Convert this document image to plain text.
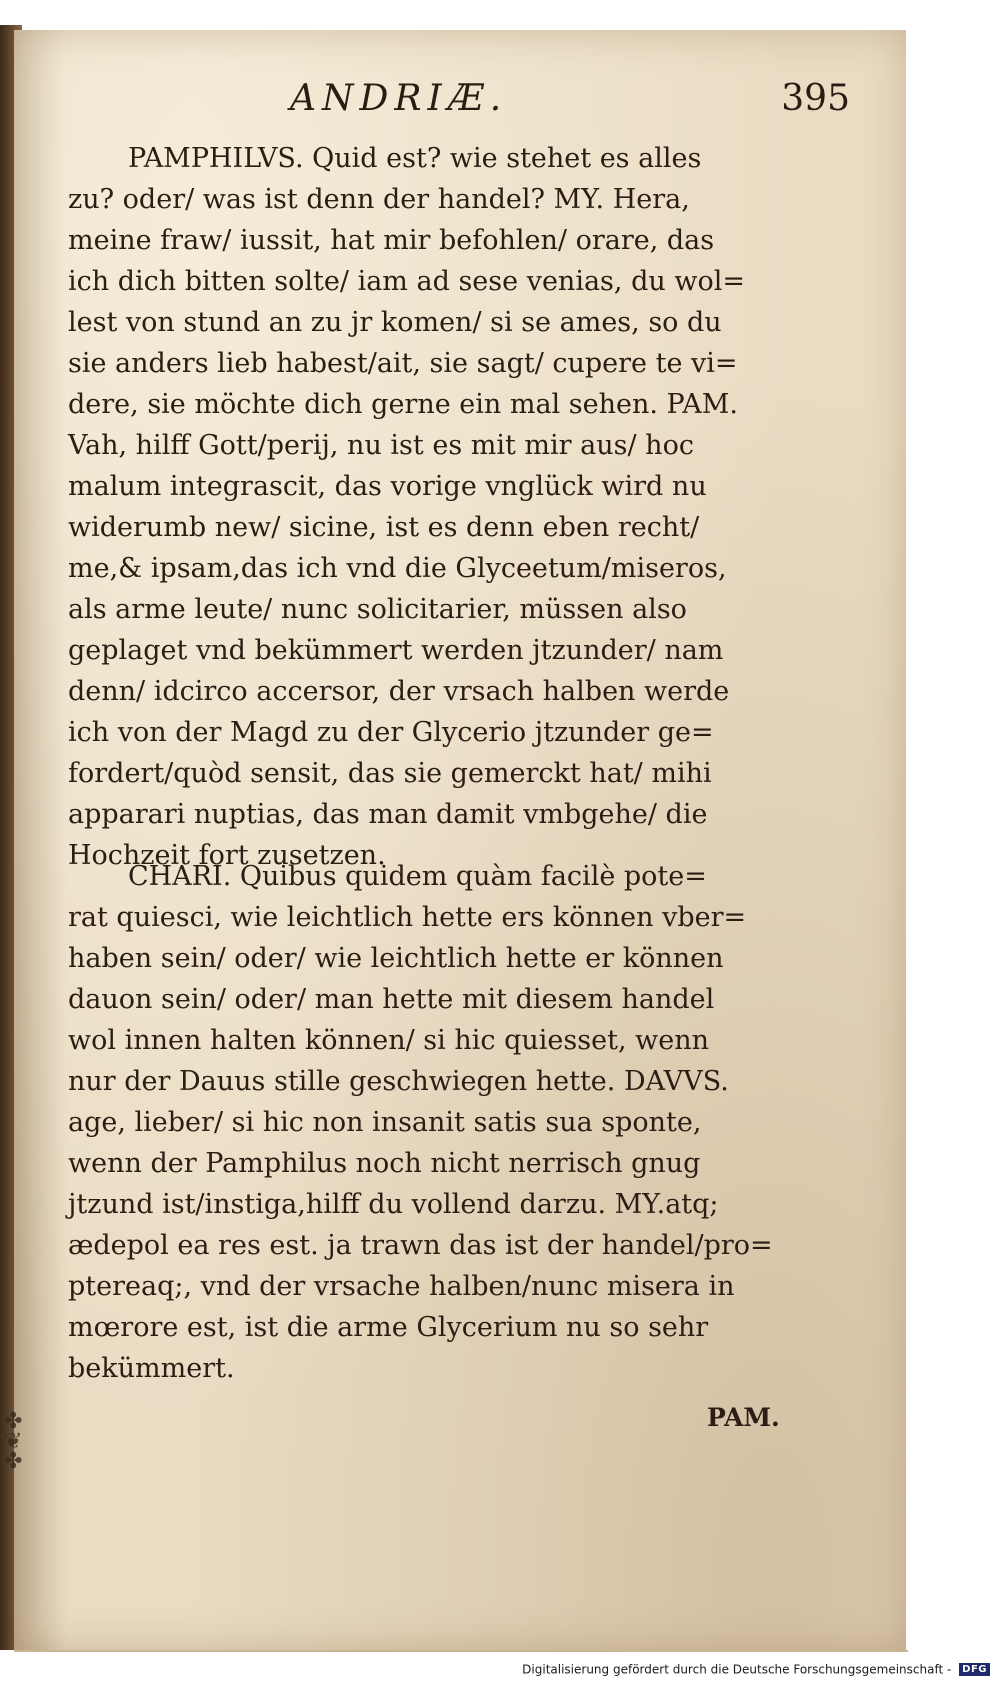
ANDRIÆ.	395
PAMPHILVS. Quid est? wie stehet es alles
zu? oder/ was ist denn der handel? MY. Hera,
meine fraw/ iussit, hat mir befohlen/ orare, das
ich dich bitten solte/ iam ad sese venias, du wol=
lest von stund an zu jr komen/ si se ames, so du
sie anders lieb habest/ait, sie sagt/ cupere te vi=
dere, sie möchte dich gerne ein mal sehen. PAM.
Vah, hilff Gott/perij, nu ist es mit mir aus/ hoc
malum integrascit, das vorige vnglück wird nu
widerumb new/ sicine, ist es denn eben recht/
me,& ipsam,das ich vnd die Glyceetum/miseros,
als arme leute/ nunc solicitarier, müssen also
geplaget vnd bekümmert werden jtzunder/ nam
denn/ idcirco accersor, der vrsach halben werde
ich von der Magd zu der Glycerio jtzunder ge=
fordert/quòd sensit, das sie gemerckt hat/ mihi
apparari nuptias, das man damit vmbgehe/ die
Hochzeit fort zusetzen.
CHARI. Quibus quidem quàm facilè pote=
rat quiesci, wie leichtlich hette ers können vber=
haben sein/ oder/ wie leichtlich hette er können
dauon sein/ oder/ man hette mit diesem handel
wol innen halten können/ si hic quiesset, wenn
nur der Dauus stille geschwiegen hette. DAVVS.
age, lieber/ si hic non insanit satis sua sponte,
wenn der Pamphilus noch nicht nerrisch gnug
jtzund ist/instiga,hilff du vollend darzu. MY.atq;
ædepol ea res est. ja trawn das ist der handel/pro=
ptereaq;, vnd der vrsache halben/nunc misera in
mœrore est, ist die arme Glycerium nu so sehr
bekümmert.
PAM.
✤
❦
✤
Digitalisierung gefördert durch die Deutsche Forschungsgemeinschaft - DFG
